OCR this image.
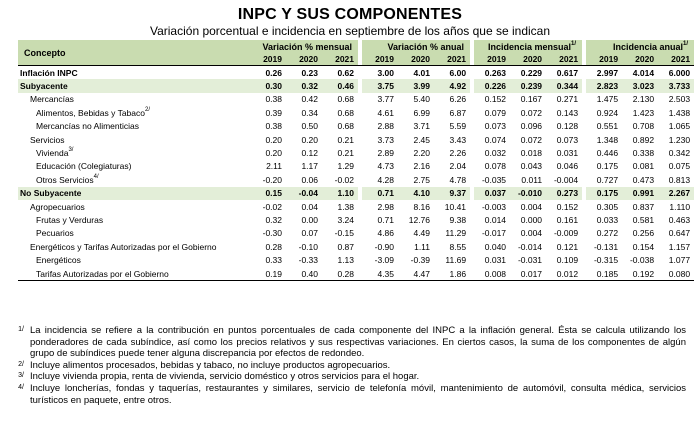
INPC Y SUS COMPONENTES
Variación porcentual e incidencia en septiembre de los años que se indican
Concepto	Variación % mensual				Variación % anual				Incidencia mensual$^{1/}$				Incidencia anual$^{1/}$
	2019	2020	2021		2019	2020	2021		2019	2020	2021		2019	2020	2021
Inflación INPC	0.26	0.23	0.62		3.00	4.01	6.00		0.263	0.229	0.617		2.997	4.014	6.000
Subyacente	0.30	0.32	0.46		3.75	3.99	4.92		0.226	0.239	0.344		2.823	3.023	3.733
Mercancías	0.38	0.42	0.68		3.77	5.40	6.26		0.152	0.167	0.271		1.475	2.130	2.503
Alimentos, Bebidas y Tabaco$^{2/}$	0.39	0.34	0.68		4.61	6.99	6.87		0.079	0.072	0.143		0.924	1.423	1.438
Mercancías no Alimenticias	0.38	0.50	0.68		2.88	3.71	5.59		0.073	0.096	0.128		0.551	0.708	1.065
Servicios	0.20	0.20	0.21		3.73	2.45	3.43		0.074	0.072	0.073		1.348	0.892	1.230
Vivienda$^{3/}$	0.20	0.12	0.21		2.89	2.20	2.26		0.032	0.018	0.031		0.446	0.338	0.342
Educación (Colegiaturas)	2.11	1.17	1.29		4.73	2.16	2.04		0.078	0.043	0.046		0.175	0.081	0.075
Otros Servicios$^{4/}$	-0.20	0.06	-0.02		4.28	2.75	4.78		-0.035	0.011	-0.004		0.727	0.473	0.813
No Subyacente	0.15	-0.04	1.10		0.71	4.10	9.37		0.037	-0.010	0.273		0.175	0.991	2.267
Agropecuarios	-0.02	0.04	1.38		2.98	8.16	10.41		-0.003	0.004	0.152		0.305	0.837	1.110
Frutas y Verduras	0.32	0.00	3.24		0.71	12.76	9.38		0.014	0.000	0.161		0.033	0.581	0.463
Pecuarios	-0.30	0.07	-0.15		4.86	4.49	11.29		-0.017	0.004	-0.009		0.272	0.256	0.647
Energéticos y Tarifas Autorizadas por el Gobierno	0.28	-0.10	0.87		-0.90	1.11	8.55		0.040	-0.014	0.121		-0.131	0.154	1.157
Energéticos	0.33	-0.33	1.13		-3.09	-0.39	11.69		0.031	-0.031	0.109		-0.315	-0.038	1.077
Tarifas Autorizadas por el Gobierno	0.19	0.40	0.28		4.35	4.47	1.86		0.008	0.017	0.012		0.185	0.192	0.080
1/ La incidencia se refiere a la contribución en puntos porcentuales de cada componente del INPC a la inflación general. Ésta se calcula utilizando los ponderadores de cada subíndice, así como los precios relativos y sus respectivas variaciones. En ciertos casos, la suma de los componentes de algún grupo de subíndices puede tener alguna discrepancia por efectos de redondeo.
2/ Incluye alimentos procesados, bebidas y tabaco, no incluye productos agropecuarios.
3/ Incluye vivienda propia, renta de vivienda, servicio doméstico y otros servicios para el hogar.
4/ Incluye loncherías, fondas y taquerías, restaurantes y similares, servicio de telefonía móvil, mantenimiento de automóvil, consulta médica, servicios turísticos en paquete, entre otros.
